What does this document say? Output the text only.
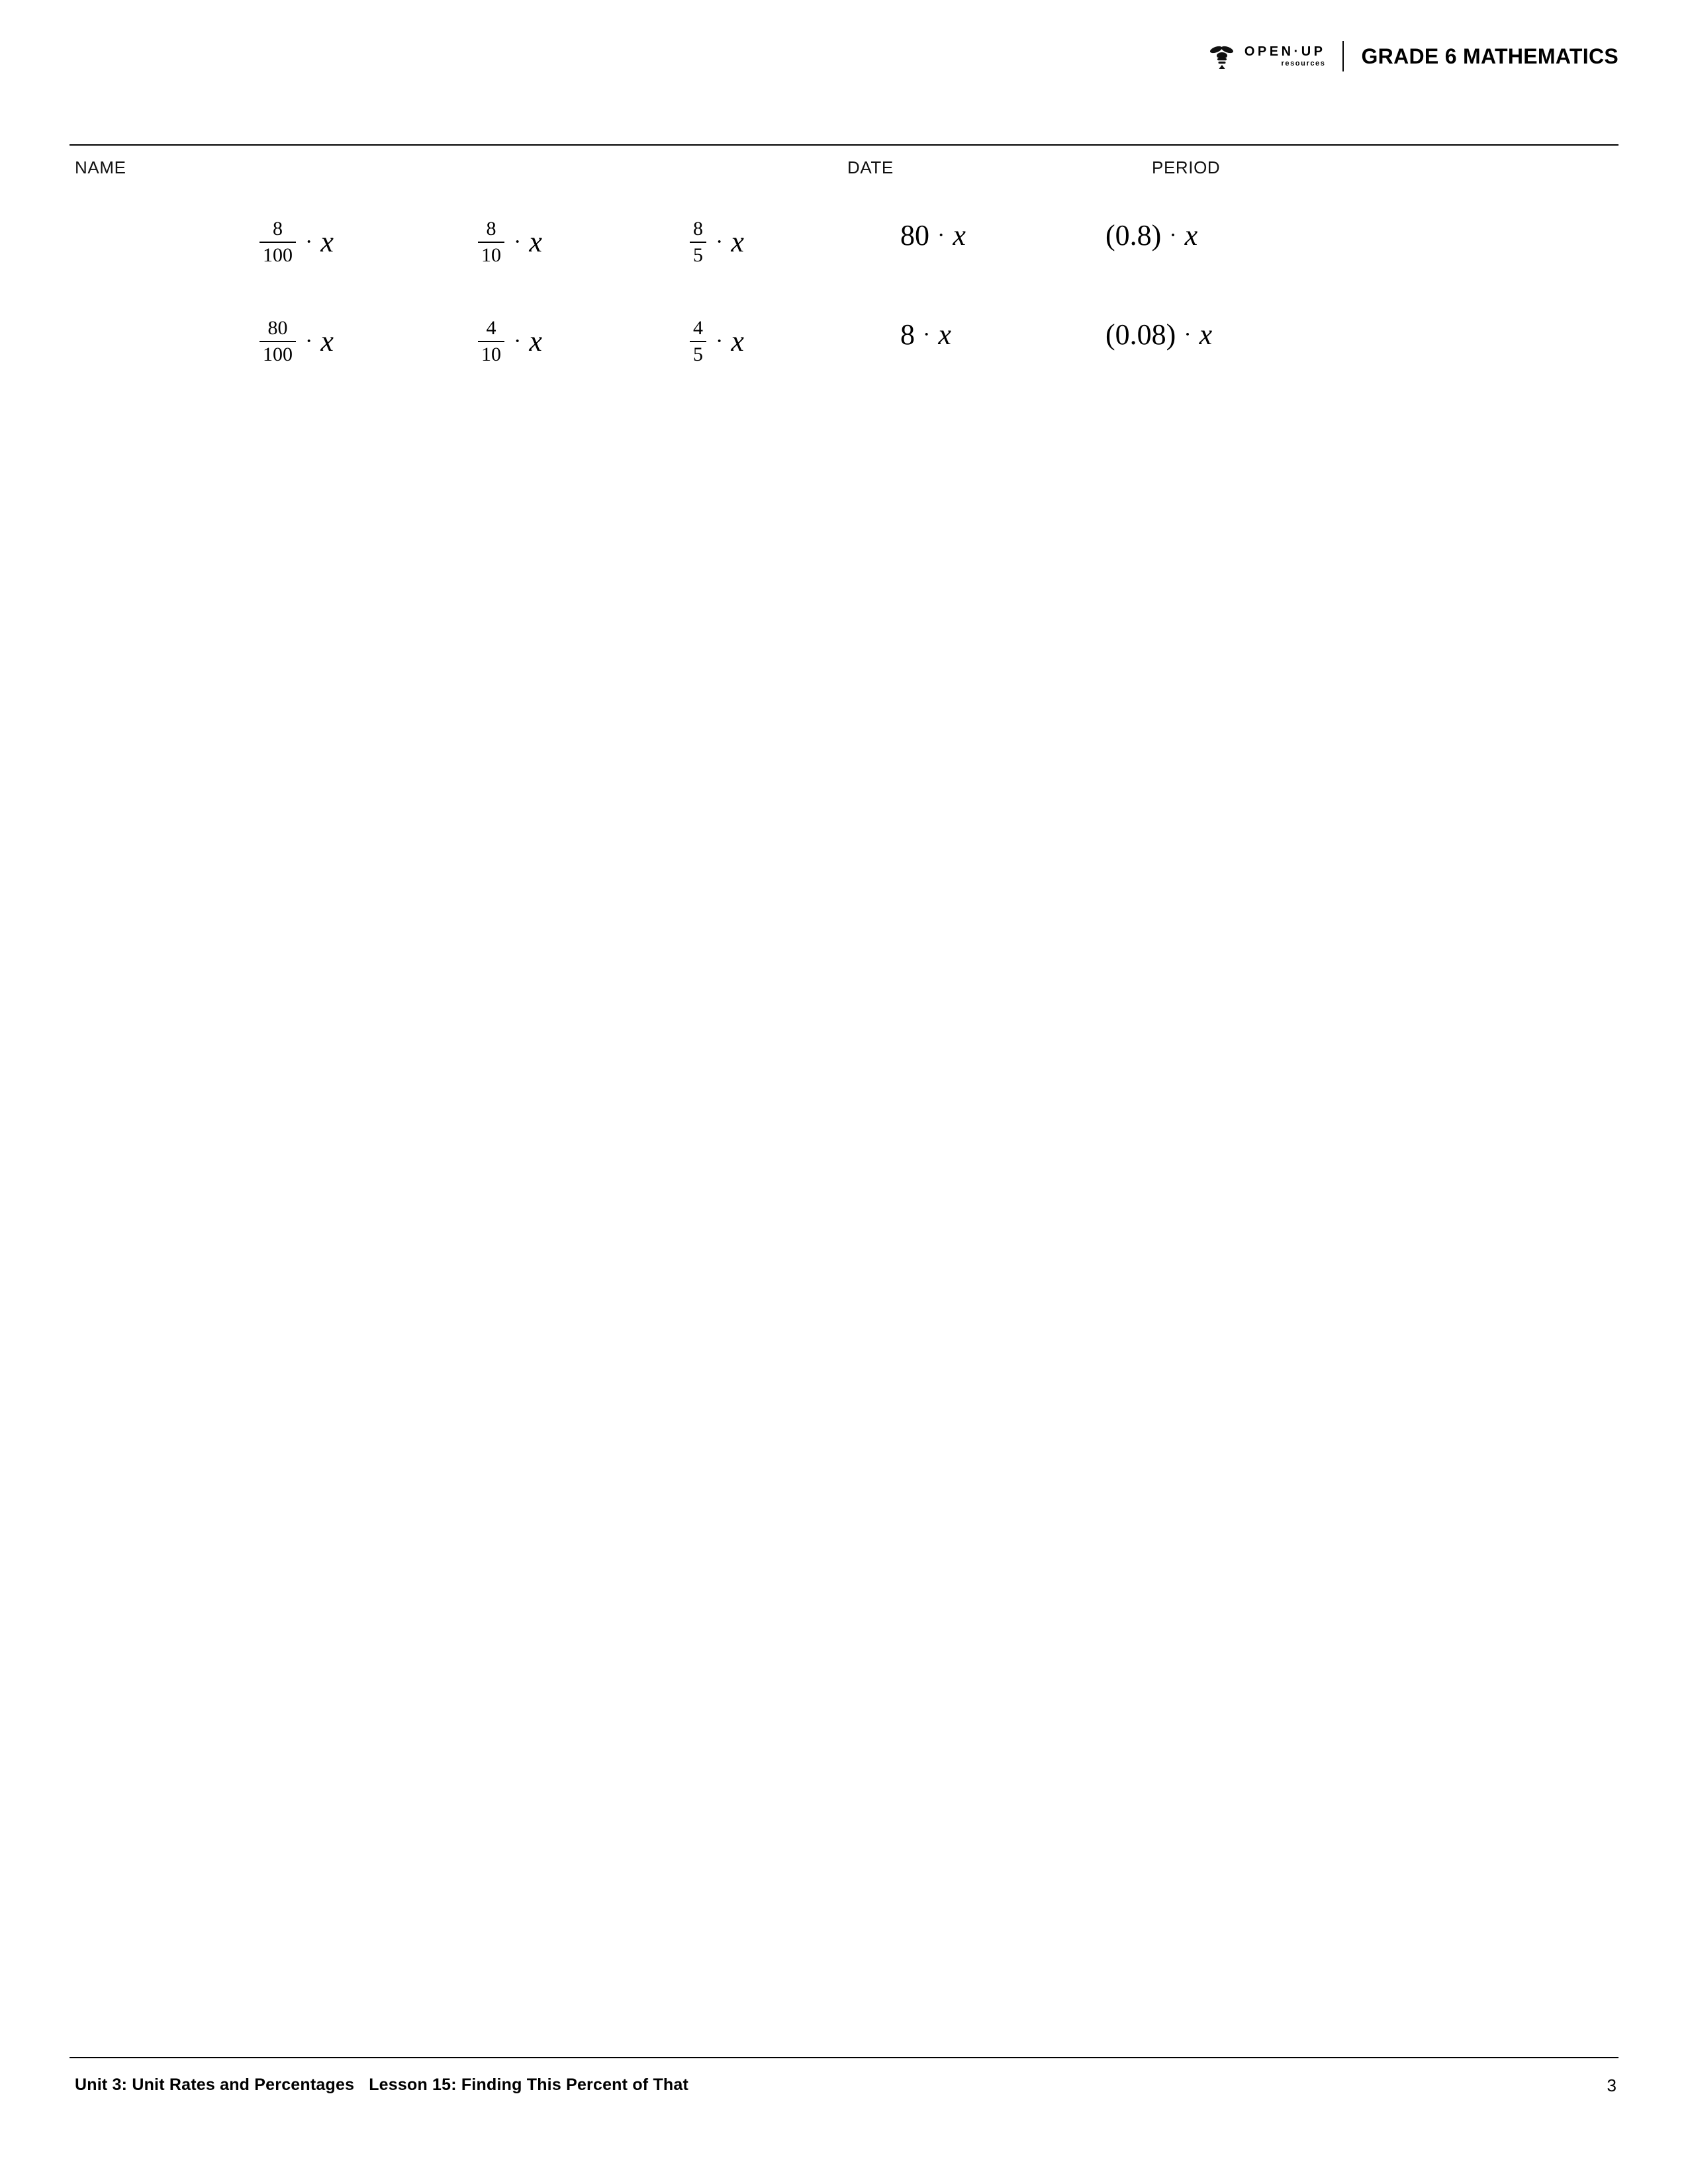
OPEN·UP
resources GRADE 6 MATHEMATICS
NAME	DATE	PERIOD
$\frac{8}{100} \cdot x$	$\frac{8}{10} \cdot x$	$\frac{8}{5} \cdot x$	80 · x	(0.8) · x
$\frac{80}{100} \cdot x$	$\frac{4}{10} \cdot x$	$\frac{4}{5} \cdot x$	8 · x	(0.08) · x
Unit 3: Unit Rates and Percentages Lesson 15: Finding This Percent of That	3
